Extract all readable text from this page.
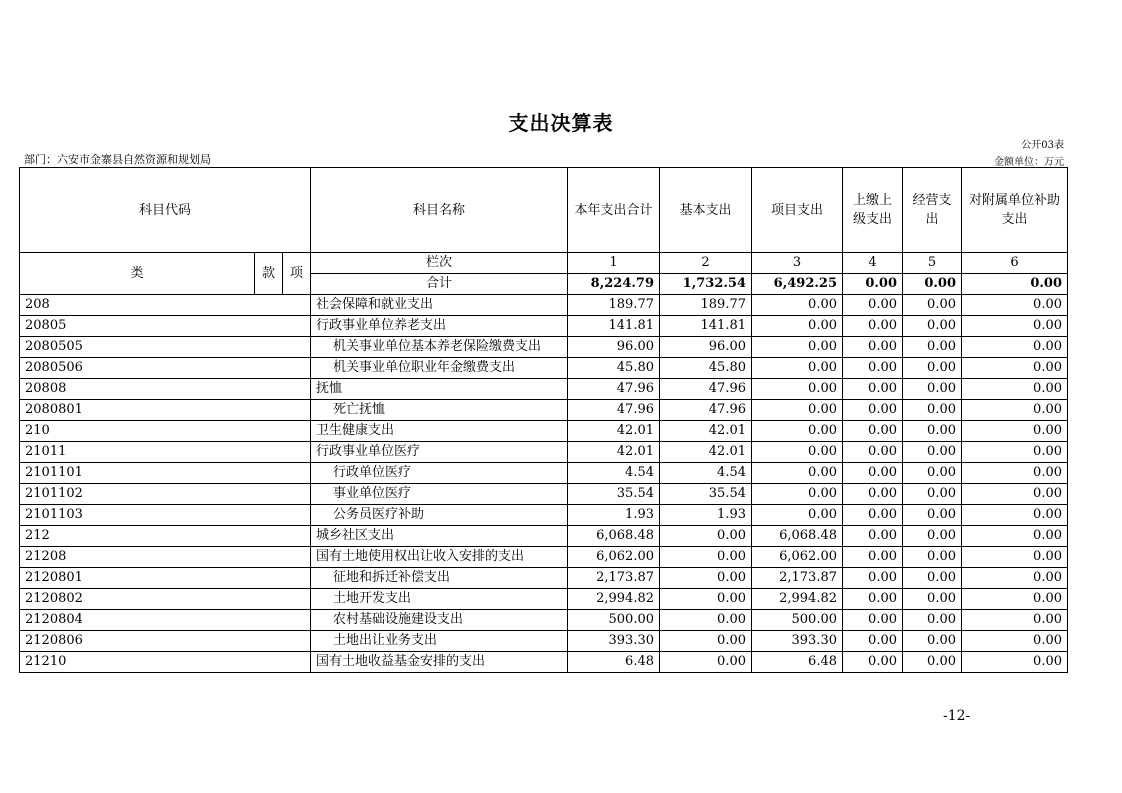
支出决算表
公开03表
部门：六安市金寨县自然资源和规划局	金额单位：万元
科目代码			科目名称	本年支出合计	基本支出	项目支出	上缴上级支出	经营支出	对附属单位补助支出
类	款	项	栏次	1	2	3	4	5	6
			合计	8,224.79	1,732.54	6,492.25	0.00	0.00	0.00
208			社会保障和就业支出	189.77	189.77	0.00	0.00	0.00	0.00
20805			行政事业单位养老支出	141.81	141.81	0.00	0.00	0.00	0.00
2080505			机关事业单位基本养老保险缴费支出	96.00	96.00	0.00	0.00	0.00	0.00
2080506			机关事业单位职业年金缴费支出	45.80	45.80	0.00	0.00	0.00	0.00
20808			抚恤	47.96	47.96	0.00	0.00	0.00	0.00
2080801			死亡抚恤	47.96	47.96	0.00	0.00	0.00	0.00
210			卫生健康支出	42.01	42.01	0.00	0.00	0.00	0.00
21011			行政事业单位医疗	42.01	42.01	0.00	0.00	0.00	0.00
2101101			行政单位医疗	4.54	4.54	0.00	0.00	0.00	0.00
2101102			事业单位医疗	35.54	35.54	0.00	0.00	0.00	0.00
2101103			公务员医疗补助	1.93	1.93	0.00	0.00	0.00	0.00
212			城乡社区支出	6,068.48	0.00	6,068.48	0.00	0.00	0.00
21208			国有土地使用权出让收入安排的支出	6,062.00	0.00	6,062.00	0.00	0.00	0.00
2120801			征地和拆迁补偿支出	2,173.87	0.00	2,173.87	0.00	0.00	0.00
2120802			土地开发支出	2,994.82	0.00	2,994.82	0.00	0.00	0.00
2120804			农村基础设施建设支出	500.00	0.00	500.00	0.00	0.00	0.00
2120806			土地出让业务支出	393.30	0.00	393.30	0.00	0.00	0.00
21210			国有土地收益基金安排的支出	6.48	0.00	6.48	0.00	0.00	0.00
-12-
